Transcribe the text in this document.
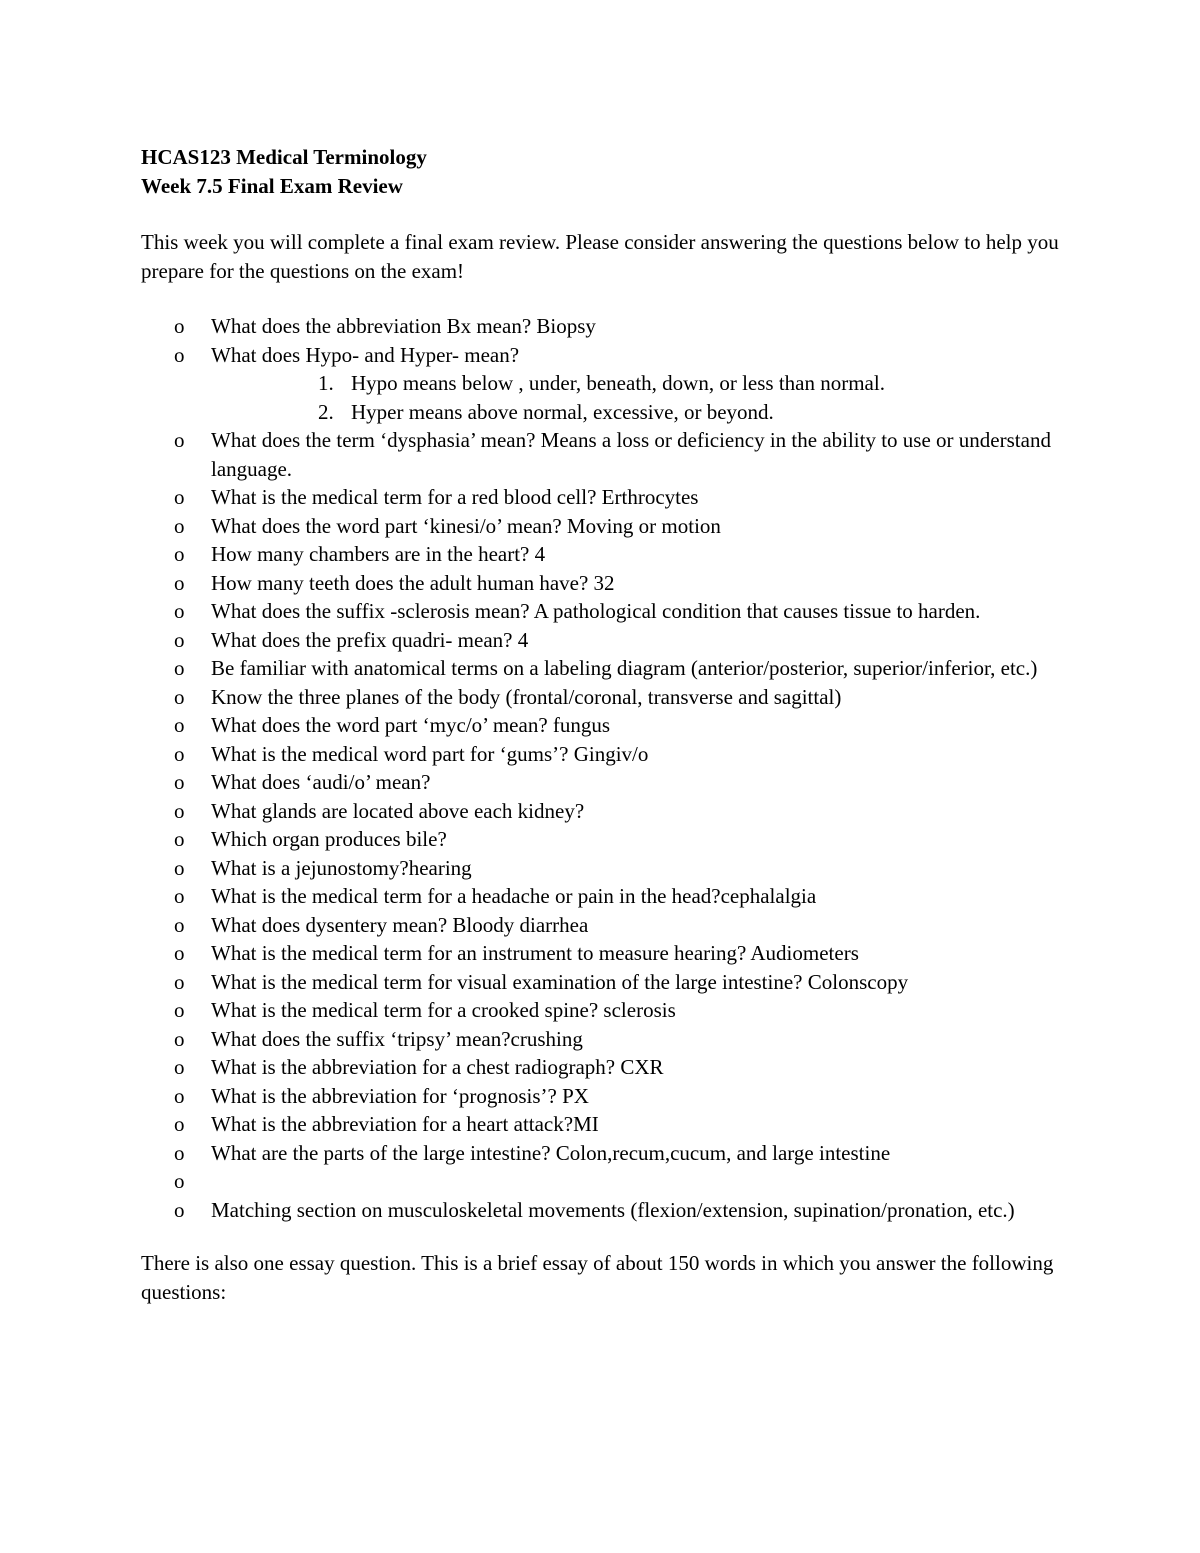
HCAS123 Medical Terminology

Week 7.5 Final Exam Review

This week you will complete a final exam review. Please consider answering the questions below to help you prepare for the questions on the exam!

o What does the abbreviation Bx mean? Biopsy
o What does Hypo- and Hyper- mean?
1. Hypo means below , under, beneath, down, or less than normal.
2. Hyper means above normal, excessive, or beyond.
o What does the term ‘dysphasia’ mean? Means a loss or deficiency in the ability to use or understand language.
o What is the medical term for a red blood cell? Erthrocytes
o What does the word part ‘kinesi/o’ mean? Moving or motion
o How many chambers are in the heart? 4
o How many teeth does the adult human have? 32
o What does the suffix -sclerosis mean? A pathological condition that causes tissue to harden.
o What does the prefix quadri- mean? 4
o Be familiar with anatomical terms on a labeling diagram (anterior/posterior, superior/inferior, etc.)
o Know the three planes of the body (frontal/coronal, transverse and sagittal)
o What does the word part ‘myc/o’ mean? fungus
o What is the medical word part for ‘gums’? Gingiv/o
o What does ‘audi/o’ mean?
o What glands are located above each kidney?
o Which organ produces bile?
o What is a jejunostomy?hearing
o What is the medical term for a headache or pain in the head?cephalalgia
o What does dysentery mean? Bloody diarrhea
o What is the medical term for an instrument to measure hearing? Audiometers
o What is the medical term for visual examination of the large intestine? Colonscopy
o What is the medical term for a crooked spine? sclerosis
o What does the suffix ‘tripsy’ mean?crushing
o What is the abbreviation for a chest radiograph? CXR
o What is the abbreviation for ‘prognosis’? PX
o What is the abbreviation for a heart attack?MI
o What are the parts of the large intestine? Colon,recum,cucum, and large intestine
o
o Matching section on musculoskeletal movements (flexion/extension, supination/pronation, etc.)

There is also one essay question. This is a brief essay of about 150 words in which you answer the following questions:
